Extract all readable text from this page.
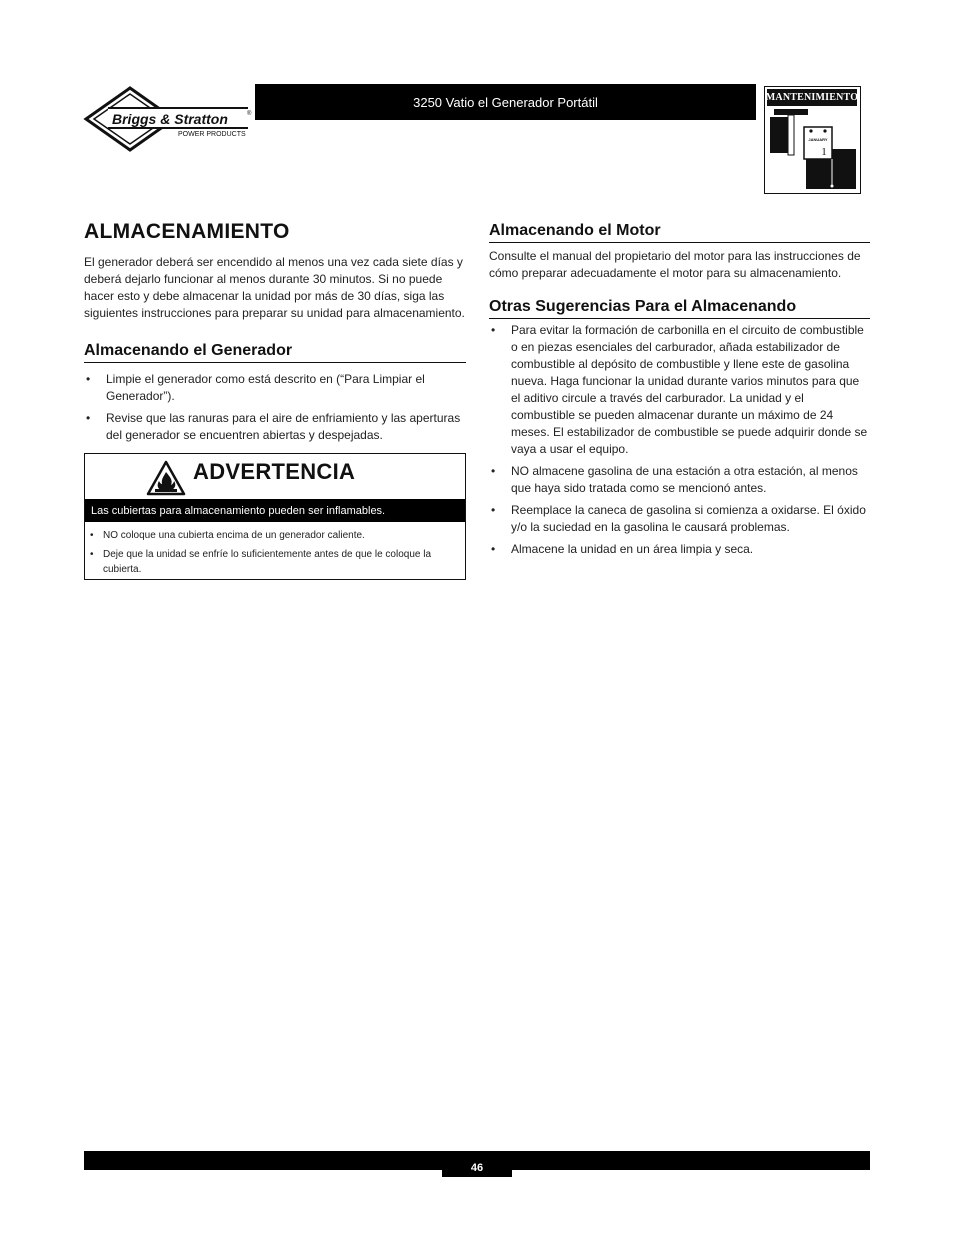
Briggs & Stratton	®
POWER PRODUCTS
3250 Vatio el Generador Portátil	MANTENIMIENTO
JANUARY
1
ALMACENAMIENTO

El generador deberá ser encendido al menos una vez cada siete días y deberá dejarlo funcionar al menos durante 30 minutos. Si no puede hacer esto y debe almacenar la unidad por más de 30 días, siga las siguientes instrucciones para preparar su unidad para almacenamiento.

Almacenando el Generador
• Limpie el generador como está descrito en (“Para Limpiar el Generador”).
• Revise que las ranuras para el aire de enfriamiento y las aperturas del generador se encuentren abiertas y despejadas.
ADVERTENCIA
Las cubiertas para almacenamiento pueden ser inflamables.
• NO coloque una cubierta encima de un generador caliente.
• Deje que la unidad se enfríe lo suficientemente antes de que le coloque la cubierta.
Almacenando el Motor

Consulte el manual del propietario del motor para las instrucciones de cómo preparar adecuadamente el motor para su almacenamiento.

Otras Sugerencias Para el Almacenando
• Para evitar la formación de carbonilla en el circuito de combustible o en piezas esenciales del carburador, añada estabilizador de combustible al depósito de combustible y llene este de gasolina nueva. Haga funcionar la unidad durante varios minutos para que el aditivo circule a través del carburador. La unidad y el combustible se pueden almacenar durante un máximo de 24 meses. El estabilizador de combustible se puede adquirir donde se vaya a usar el equipo.
• NO almacene gasolina de una estación a otra estación, al menos que haya sido tratada como se mencionó antes.
• Reemplace la caneca de gasolina si comienza a oxidarse. El óxido y/o la suciedad en la gasolina le causará problemas.
• Almacene la unidad en un área limpia y seca.
46
